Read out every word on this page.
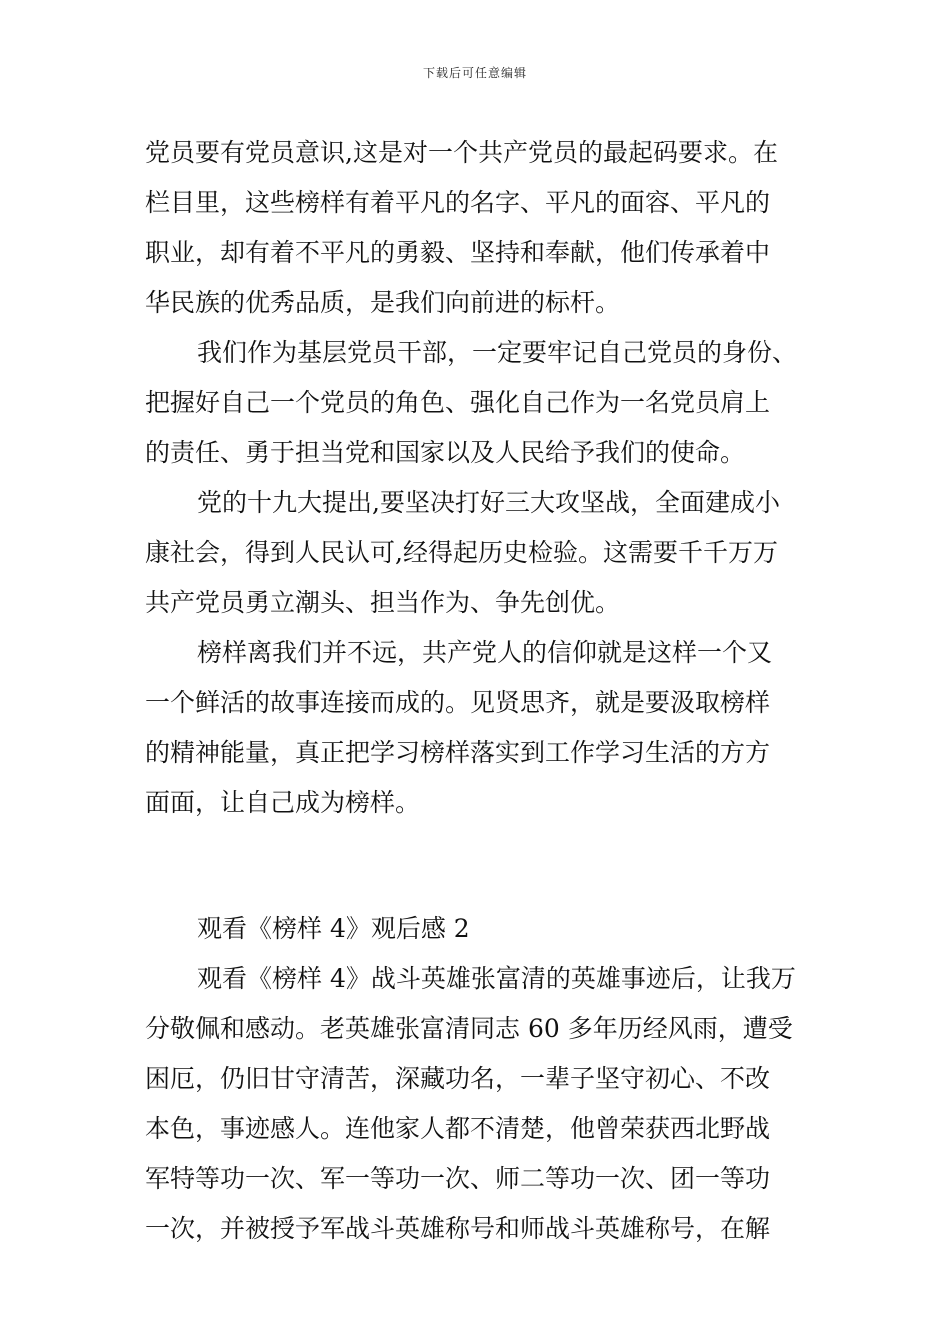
下载后可任意编辑
党员要有党员意识,这是对一个共产党员的最起码要求。在
栏目里，这些榜样有着平凡的名字、平凡的面容、平凡的
职业，却有着不平凡的勇毅、坚持和奉献，他们传承着中
华民族的优秀品质，是我们向前进的标杆。
我们作为基层党员干部，一定要牢记自己党员的身份、
把握好自己一个党员的角色、强化自己作为一名党员肩上
的责任、勇于担当党和国家以及人民给予我们的使命。
党的十九大提出,要坚决打好三大攻坚战，全面建成小
康社会，得到人民认可,经得起历史检验。这需要千千万万
共产党员勇立潮头、担当作为、争先创优。
榜样离我们并不远，共产党人的信仰就是这样一个又
一个鲜活的故事连接而成的。见贤思齐，就是要汲取榜样
的精神能量，真正把学习榜样落实到工作学习生活的方方
面面，让自己成为榜样。
观看《榜样 4》观后感 2
观看《榜样 4》战斗英雄张富清的英雄事迹后，让我万
分敬佩和感动。老英雄张富清同志 60 多年历经风雨，遭受
困厄，仍旧甘守清苦，深藏功名，一辈子坚守初心、不改
本色，事迹感人。连他家人都不清楚，他曾荣获西北野战
军特等功一次、军一等功一次、师二等功一次、团一等功
一次，并被授予军战斗英雄称号和师战斗英雄称号，在解
